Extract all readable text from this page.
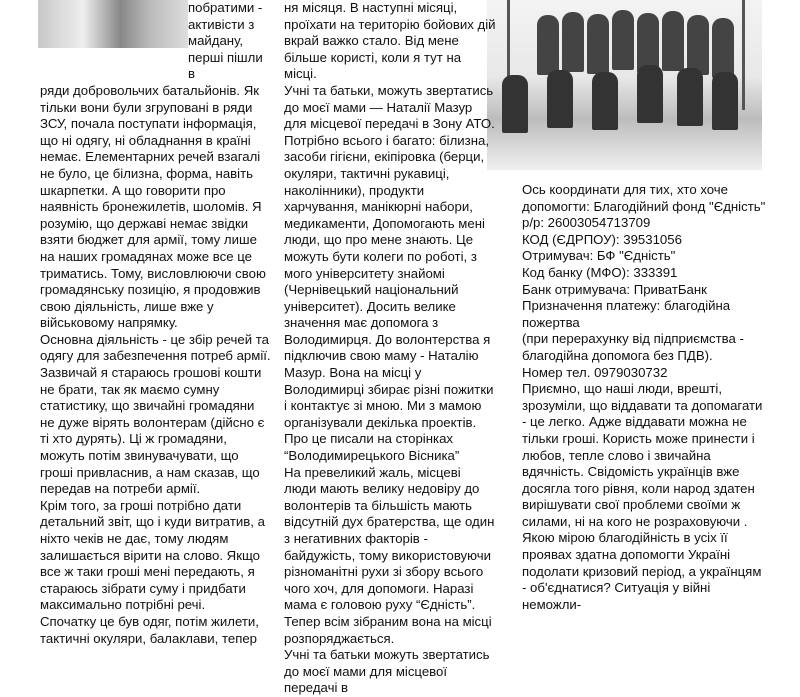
побратими -

активісти з

майдану, перші пішли в

ряди добровольчих батальйонів. Як тільки вони були згруповані в ряди ЗСУ, почала поступати інформація, що ні одягу, ні обладнання в країні немає. Елементарних речей взагалі не було, це білизна, форма, навіть шкарпетки. А що говорити про наявність бронежилетів, шоломів. Я розумію, що державі немає звідки взяти бюджет для армії, тому лише на наших громадянах може все це триматись. Тому, висловлюючи свою громадянську позицію, я продовжив свою діяльність, лише вже у військовому напрямку.

Основна діяльність - це збір речей та одягу для забезпечення потреб армії. Зазвичай я стараюсь грошові кошти не брати, так як маємо сумну статистику, що звичайні громадяни не дуже вірять волонтерам (дійсно є ті хто дурять). Ці ж громадяни, можуть потім звинувачувати, що гроші привласнив, а нам сказав, що передав на потреби армії.

Крім того, за гроші потрібно дати детальний звіт, що і куди витратив, а ніхто чеків не дає, тому людям залишається вірити на слово. Якщо все ж таки гроші мені передають, я стараюсь зібрати суму і придбати максимально потрібні речі.

Спочатку це був одяг, потім жилети, тактичні окуляри, балаклави, тепер

ня місяця. В наступні місяці, проїхати на територію бойових дій вкрай важко стало. Від мене більше користі, коли я тут на місці.

Учні та батьки, можуть звертатись до моєї мами — Наталії Мазур для місцевої передачі в Зону АТО. Потрібно всього і багато: білизна, засоби гігієни, екіпіровка (берци, окуляри, тактичні рукавиці, наколінники), продукти харчування, манікюрні набори, медикаменти, Допомогають мені люди, що про мене знають. Це можуть бути колеги по роботі, з мого університету знайомі (Чернівецький національний університет). Досить велике значення має допомога з Володимирця. До волонтерства я підключив свою маму - Наталію Мазур. Вона на місці у Володимирці збирає різні пожитки і контактує зі мною. Ми з мамою організували декілька проектів. Про це писали на сторінках “Володимирецького Вісника”

На превеликий жаль, місцеві люди мають велику недовіру до волонтерів та більшість мають відсутній дух братерства, ще один з негативних факторів - байдужість, тому використовуючи різноманітні рухи зі збору всього чого хоч, для допомоги. Наразі мама є головою руху “Єдність”. Тепер всім зібраним вона на місці розпоряджається.

Учні та батьки можуть звертатись до моєї мами для місцевої передачі в

Ось координати для тих, хто хоче допомогти: Благодійний фонд "Єдність"

р/р: 26003054713709

КОД (ЄДРПОУ): 39531056

Отримувач: БФ "Єдність"

Код банку (МФО): 333391

Банк отримувача: ПриватБанк

Призначення платежу: благодійна пожертва

(при перерахунку від підприємства - благодійна допомога без ПДВ).

Номер тел. 0979030732

Приємно, що наші люди, врешті, зрозуміли, що віддавати та допомагати - це легко. Адже віддавати можна не тільки гроші. Користь може принести і любов, тепле слово і звичайна вдячність. Свідомість українців вже досягла того рівня, коли народ здатен вирішувати свої проблеми своїми ж силами, ні на кого не розраховуючи .

Якою мірою благодійність в усіх її проявах здатна допомогти Україні подолати кризовий період, а українцям - об'єднатися? Ситуація у війні неможли-
